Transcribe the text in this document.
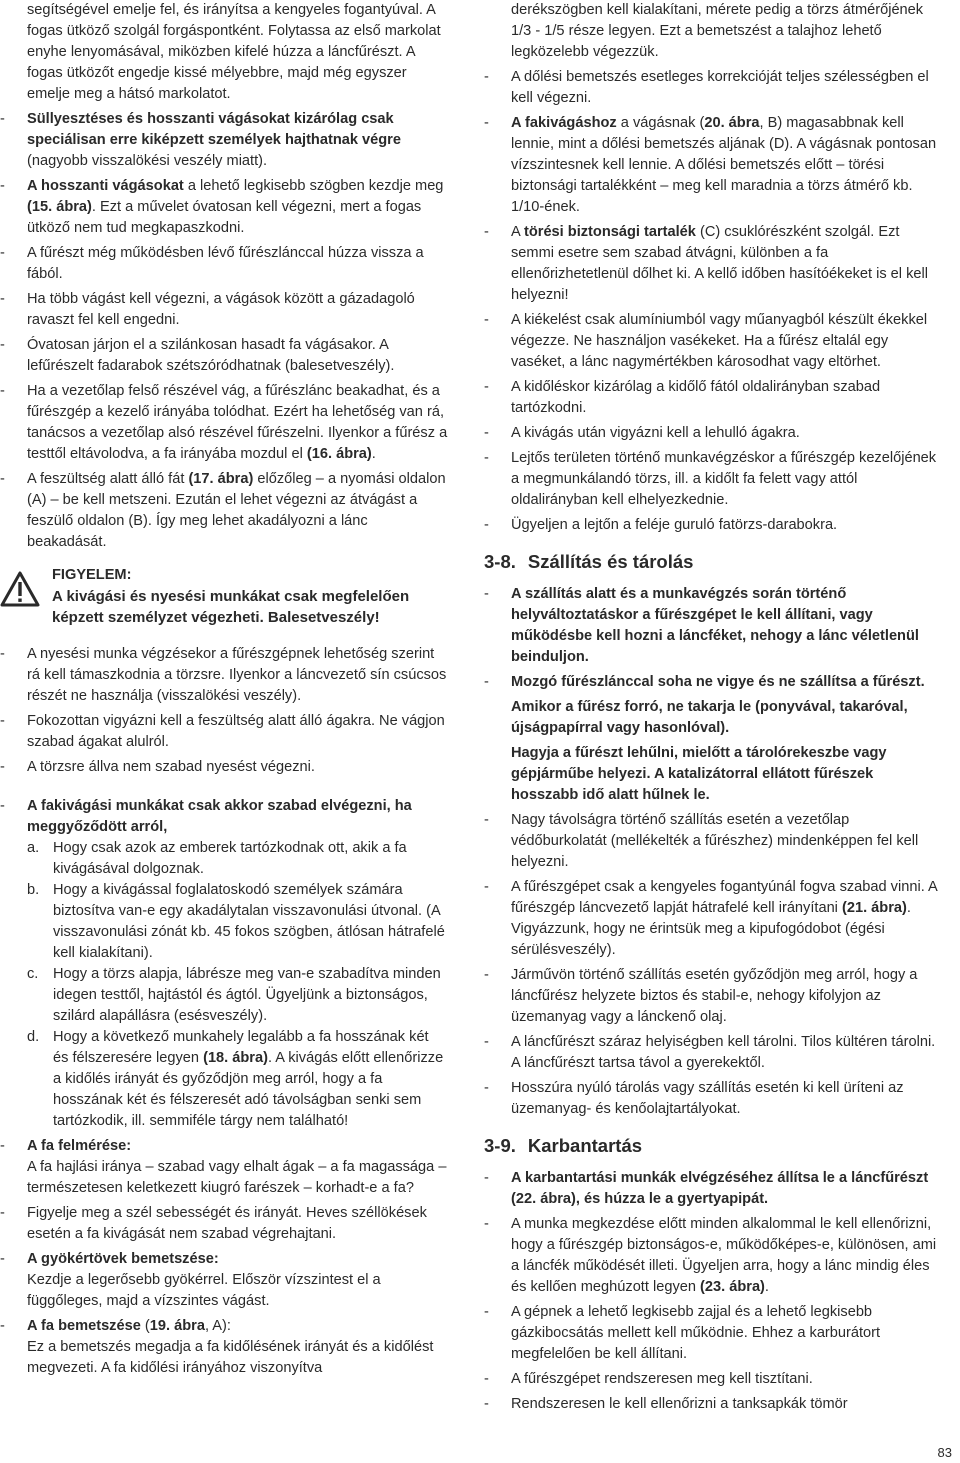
segítségével emelje fel, és irányítsa a kengyeles fogantyúval. A fogas ütköző szolgál forgáspontként. Folytassa az első markolat enyhe lenyomásával, miközben kifelé húzza a láncfűrészt. A fogas ütközőt engedje kissé mélyebbre, majd még egyszer emelje meg a hátsó markolatot.
- Süllyesztéses és hosszanti vágásokat kizárólag csak speciálisan erre kiképzett személyek hajthatnak végre (nagyobb visszalökési veszély miatt).
- A hosszanti vágásokat a lehető legkisebb szögben kezdje meg (15. ábra). Ezt a művelet óvatosan kell végezni, mert a fogas ütköző nem tud megkapaszkodni.
- A fűrészt még működésben lévő fűrészlánccal húzza vissza a fából.
- Ha több vágást kell végezni, a vágások között a gázadagoló ravaszt fel kell engedni.
- Óvatosan járjon el a szilánkosan hasadt fa vágásakor. A lefűrészelt fadarabok szétszóródhatnak (balesetveszély).
- Ha a vezetőlap felső részével vág, a fűrészlánc beakadhat, és a fűrészgép a kezelő irányába tolódhat. Ezért ha lehetőség van rá, tanácsos a vezetőlap alsó részével fűrészelni. Ilyenkor a fűrész a testtől eltávolodva, a fa irányába mozdul el (16. ábra).
- A feszültség alatt álló fát (17. ábra) előzőleg – a nyomási oldalon (A) – be kell metszeni. Ezután el lehet végezni az átvágást a feszülő oldalon (B). Így meg lehet akadályozni a lánc beakadását.
FIGYELEM:
A kivágási és nyesési munkákat csak megfelelően képzett személyzet végezheti. Balesetveszély!
- A nyesési munka végzésekor a fűrészgépnek lehetőség szerint rá kell támaszkodnia a törzsre. Ilyenkor a láncvezető sín csúcsos részét ne használja (visszalökési veszély).
- Fokozottan vigyázni kell a feszültség alatt álló ágakra. Ne vágjon szabad ágakat alulról.
- A törzsre állva nem szabad nyesést végezni.
- A fakivágási munkákat csak akkor szabad elvégezni, ha meggyőződött arról,
a. Hogy csak azok az emberek tartózkodnak ott, akik a fa kivágásával dolgoznak.
b. Hogy a kivágással foglalatoskodó személyek számára biztosítva van-e egy akadálytalan visszavonulási útvonal. (A visszavonulási zónát kb. 45 fokos szögben, átlósan hátrafelé kell kialakítani).
c. Hogy a törzs alapja, lábrésze meg van-e szabadítva minden idegen testtől, hajtástól és ágtól. Ügyeljünk a biztonságos, szilárd alapállásra (esésveszély).
d. Hogy a következő munkahely legalább a fa hosszának két és félszeresére legyen (18. ábra). A kivágás előtt ellenőrizze a kidőlés irányát és győződjön meg arról, hogy a fa hosszának két és félszeresét adó távolságban senki sem tartózkodik, ill. semmiféle tárgy nem található!
- A fa felmérése:
A fa hajlási iránya – szabad vagy elhalt ágak – a fa magassága – természetesen keletkezett kiugró farészek – korhadt-e a fa?
- Figyelje meg a szél sebességét és irányát. Heves széllökések esetén a fa kivágását nem szabad végrehajtani.
- A gyökértövek bemetszése:
Kezdje a legerősebb gyökérrel. Először vízszintest el a függőleges, majd a vízszintes vágást.
- A fa bemetszése (19. ábra, A):
Ez a bemetszés megadja a fa kidőlésének irányát és a kidőlést megvezeti. A fa kidőlési irányához viszonyítva
derékszögben kell kialakítani, mérete pedig a törzs átmérőjének 1/3 - 1/5 része legyen. Ezt a bemetszést a talajhoz lehető legközelebb végezzük.
- A dőlési bemetszés esetleges korrekcióját teljes szélességben el kell végezni.
- A fakivágáshoz a vágásnak (20. ábra, B) magasabbnak kell lennie, mint a dőlési bemetszés aljának (D). A vágásnak pontosan vízszintesnek kell lennie. A dőlési bemetszés előtt – törési biztonsági tartalékként – meg kell maradnia a törzs átmérő kb. 1/10-ének.
- A törési biztonsági tartalék (C) csuklórészként szolgál. Ezt semmi esetre sem szabad átvágni, különben a fa ellenőrizhetetlenül dőlhet ki. A kellő időben hasítóékeket is el kell helyezni!
- A kiékelést csak alumíniumból vagy műanyagból készült ékekkel végezze. Ne használjon vasékeket. Ha a fűrész eltalál egy vaséket, a lánc nagymértékben károsodhat vagy eltörhet.
- A kidőléskor kizárólag a kidőlő fától oldalirányban szabad tartózkodni.
- A kivágás után vigyázni kell a lehulló ágakra.
- Lejtős területen történő munkavégzéskor a fűrészgép kezelőjének a megmunkálandó törzs, ill. a kidőlt fa felett vagy attól oldalirányban kell elhelyezkednie.
- Ügyeljen a lejtőn a feléje guruló fatörzs-darabokra.
3-8. Szállítás és tárolás
- A szállítás alatt és a munkavégzés során történő helyváltoztatáskor a fűrészgépet le kell állítani, vagy működésbe kell hozni a láncféket, nehogy a lánc véletlenül beinduljon.
- Mozgó fűrészlánccal soha ne vigye és ne szállítsa a fűrészt.
Amikor a fűrész forró, ne takarja le (ponyvával, takaróval, újságpapírral vagy hasonlóval).
Hagyja a fűrészt lehűlni, mielőtt a tárolórekeszbe vagy gépjárműbe helyezi. A katalizátorral ellátott fűrészek hosszabb idő alatt hűlnek le.
- Nagy távolságra történő szállítás esetén a vezetőlap védőburkolatát (mellékelték a fűrészhez) mindenképpen fel kell helyezni.
- A fűrészgépet csak a kengyeles fogantyúnál fogva szabad vinni. A fűrészgép láncvezető lapját hátrafelé kell irányítani (21. ábra). Vigyázzunk, hogy ne érintsük meg a kipufogódobot (égési sérülésveszély).
- Járművön történő szállítás esetén győződjön meg arról, hogy a láncfűrész helyzete biztos és stabil-e, nehogy kifolyjon az üzemanyag vagy a lánckenő olaj.
- A láncfűrészt száraz helyiségben kell tárolni. Tilos kültéren tárolni. A láncfűrészt tartsa távol a gyerekektől.
- Hosszúra nyúló tárolás vagy szállítás esetén ki kell üríteni az üzemanyag- és kenőolajtartályokat.
3-9. Karbantartás
- A karbantartási munkák elvégzéséhez állítsa le a láncfűrészt (22. ábra), és húzza le a gyertyapipát.
- A munka megkezdése előtt minden alkalommal le kell ellenőrizni, hogy a fűrészgép biztonságos-e, működőképes-e, különösen, ami a láncfék működését illeti. Ügyeljen arra, hogy a lánc mindig éles és kellően meghúzott legyen (23. ábra).
- A gépnek a lehető legkisebb zajjal és a lehető legkisebb gázkibocsátás mellett kell működnie. Ehhez a karburátort megfelelően be kell állítani.
- A fűrészgépet rendszeresen meg kell tisztítani.
- Rendszeresen le kell ellenőrizni a tanksapkák tömör
83
